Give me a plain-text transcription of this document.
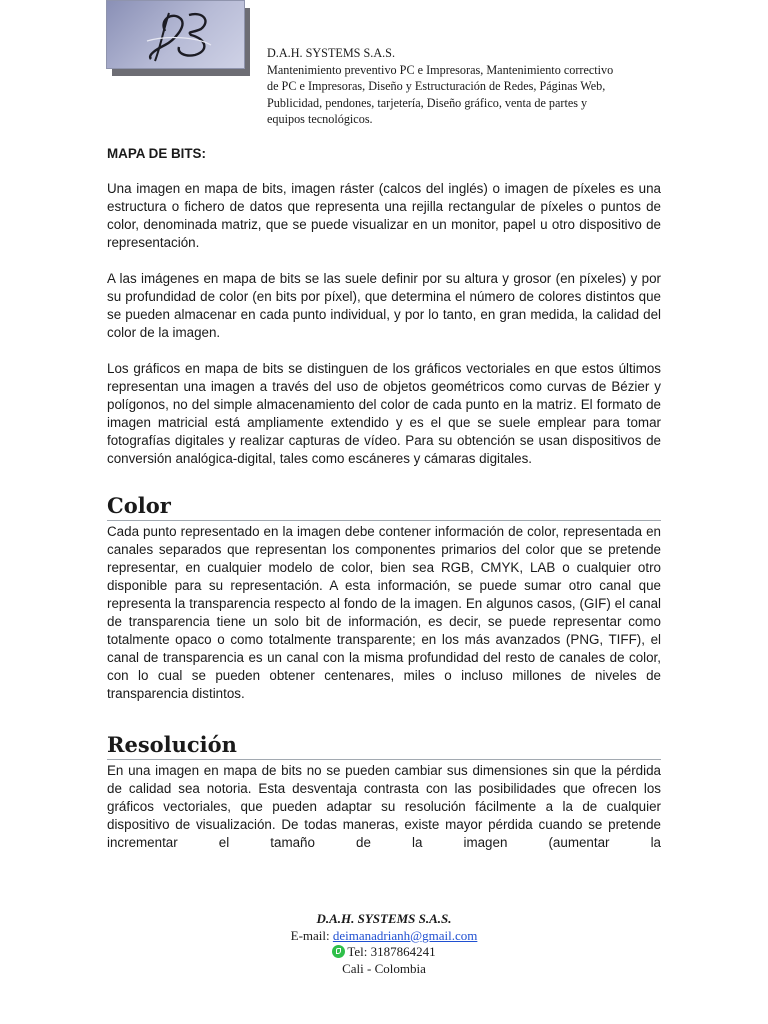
D.A.H. SYSTEMS S.A.S.
Mantenimiento preventivo PC e Impresoras, Mantenimiento correctivo
de PC e Impresoras, Diseño y Estructuración de Redes, Páginas Web,
Publicidad, pendones, tarjetería, Diseño gráfico, venta de partes y
equipos tecnológicos.
MAPA DE BITS:

Una imagen en mapa de bits, imagen ráster (calcos del inglés) o imagen de píxeles es una estructura o fichero de datos que representa una rejilla rectangular de píxeles o puntos de color, denominada matriz, que se puede visualizar en un monitor, papel u otro dispositivo de representación.

A las imágenes en mapa de bits se las suele definir por su altura y grosor (en píxeles) y por su profundidad de color (en bits por píxel), que determina el número de colores distintos que se pueden almacenar en cada punto individual, y por lo tanto, en gran medida, la calidad del color de la imagen.

Los gráficos en mapa de bits se distinguen de los gráficos vectoriales en que estos últimos representan una imagen a través del uso de objetos geométricos como curvas de Bézier y polígonos, no del simple almacenamiento del color de cada punto en la matriz. El formato de imagen matricial está ampliamente extendido y es el que se suele emplear para tomar fotografías digitales y realizar capturas de vídeo. Para su obtención se usan dispositivos de conversión analógica-digital, tales como escáneres y cámaras digitales.

Color

Cada punto representado en la imagen debe contener información de color, representada en canales separados que representan los componentes primarios del color que se pretende representar, en cualquier modelo de color, bien sea RGB, CMYK, LAB o cualquier otro disponible para su representación. A esta información, se puede sumar otro canal que representa la transparencia respecto al fondo de la imagen. En algunos casos, (GIF) el canal de transparencia tiene un solo bit de información, es decir, se puede representar como totalmente opaco o como totalmente transparente; en los más avanzados (PNG, TIFF), el canal de transparencia es un canal con la misma profundidad del resto de canales de color, con lo cual se pueden obtener centenares, miles o incluso millones de niveles de transparencia distintos.

Resolución

En una imagen en mapa de bits no se pueden cambiar sus dimensiones sin que la pérdida de calidad sea notoria. Esta desventaja contrasta con las posibilidades que ofrecen los gráficos vectoriales, que pueden adaptar su resolución fácilmente a la de cualquier dispositivo de visualización. De todas maneras, existe mayor pérdida cuando se pretende incrementar el tamaño de la imagen (aumentar la

D.A.H. SYSTEMS S.A.S.
E-mail: deimanadrianh@gmail.com
Tel: 3187864241
Cali - Colombia
